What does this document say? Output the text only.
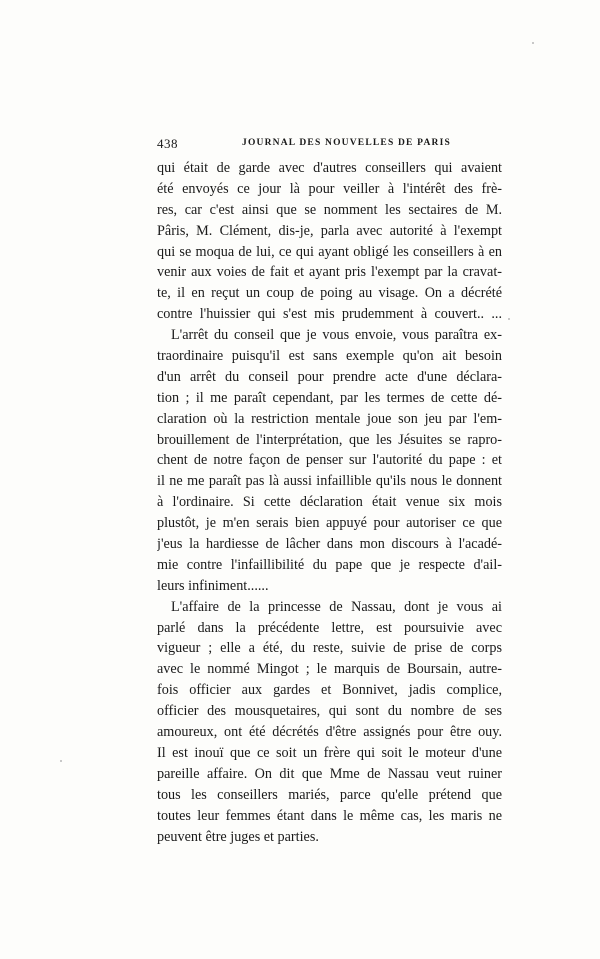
438	JOURNAL DES NOUVELLES DE PARIS
qui était de garde avec d'autres conseillers qui avaient
été envoyés ce jour là pour veiller à l'intérêt des frè-
res, car c'est ainsi que se nomment les sectaires de M.
Pâris, M. Clément, dis-je, parla avec autorité à l'exempt
qui se moqua de lui, ce qui ayant obligé les conseillers à en
venir aux voies de fait et ayant pris l'exempt par la cravat-
te, il en reçut un coup de poing au visage. On a décrété
contre l'huissier qui s'est mis prudemment à couvert.. ...
L'arrêt du conseil que je vous envoie, vous paraîtra ex-
traordinaire puisqu'il est sans exemple qu'on ait besoin
d'un arrêt du conseil pour prendre acte d'une déclara-
tion ; il me paraît cependant, par les termes de cette dé-
claration où la restriction mentale joue son jeu par l'em-
brouillement de l'interprétation, que les Jésuites se rapro-
chent de notre façon de penser sur l'autorité du pape : et
il ne me paraît pas là aussi infaillible qu'ils nous le donnent
à l'ordinaire. Si cette déclaration était venue six mois
plustôt, je m'en serais bien appuyé pour autoriser ce que
j'eus la hardiesse de lâcher dans mon discours à l'acadé-
mie contre l'infaillibilité du pape que je respecte d'ail-
leurs infiniment......
L'affaire de la princesse de Nassau, dont je vous ai
parlé dans la précédente lettre, est poursuivie avec
vigueur ; elle a été, du reste, suivie de prise de corps
avec le nommé Mingot ; le marquis de Boursain, autre-
fois officier aux gardes et Bonnivet, jadis complice,
officier des mousquetaires, qui sont du nombre de ses
amoureux, ont été décrétés d'être assignés pour être ouy.
Il est inouï que ce soit un frère qui soit le moteur d'une
pareille affaire. On dit que Mme de Nassau veut ruiner
tous les conseillers mariés, parce qu'elle prétend que
toutes leur femmes étant dans le même cas, les maris ne
peuvent être juges et parties.
